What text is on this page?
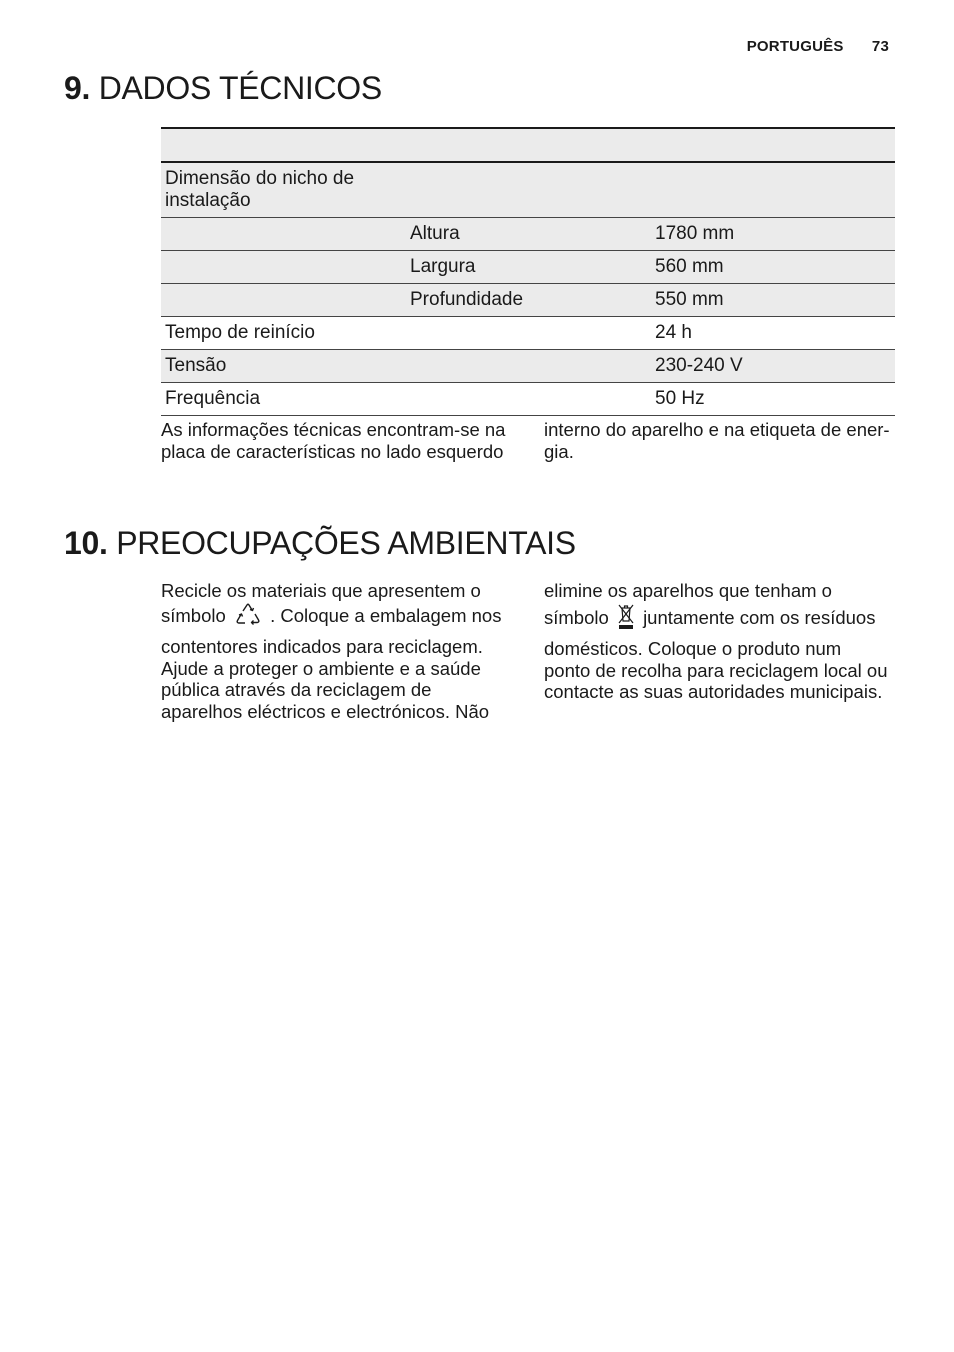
PORTUGUÊS 73
9. DADOS TÉCNICOS

Dimensão do nicho de instalação		
	Altura	1780 mm
	Largura	560 mm
	Profundidade	550 mm
Tempo de reinício		24 h
Tensão		230-240 V
Frequência		50 Hz
As informações técnicas encontram-se na
placa de características no lado esquerdo
interno do aparelho e na etiqueta de ener-
gia.
10. PREOCUPAÇÕES AMBIENTAIS
Recicle os materiais que apresentem o
símbolo . Coloque a embalagem nos
contentores indicados para reciclagem.
Ajude a proteger o ambiente e a saúde
pública através da reciclagem de
aparelhos eléctricos e electrónicos. Não
elimine os aparelhos que tenham o
símbolo juntamente com os resíduos
domésticos. Coloque o produto num
ponto de recolha para reciclagem local ou
contacte as suas autoridades municipais.
